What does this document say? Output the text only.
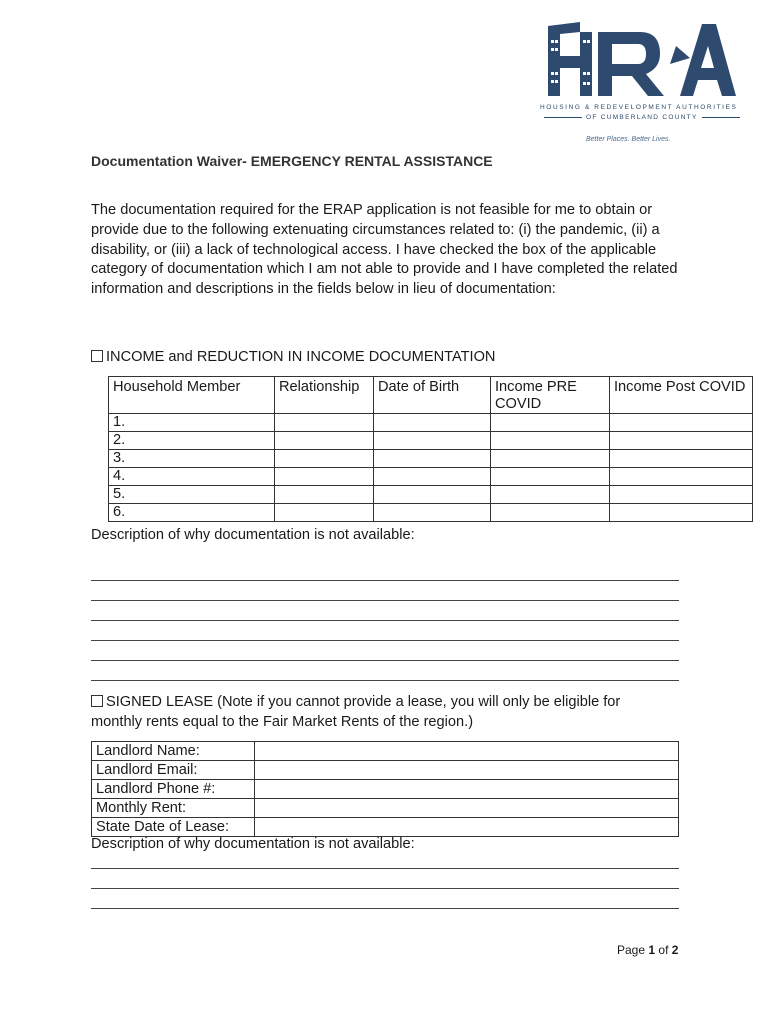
HOUSING & REDEVELOPMENT AUTHORITIES
OF CUMBERLAND COUNTY
Better Places. Better Lives.
Documentation Waiver- EMERGENCY RENTAL ASSISTANCE
The documentation required for the ERAP application is not feasible for me to obtain or provide due to the following extenuating circumstances related to: (i) the pandemic, (ii) a disability, or (iii) a lack of technological access. I have checked the box of the applicable category of documentation which I am not able to provide and I have completed the related information and descriptions in the fields below in lieu of documentation:
INCOME and REDUCTION IN INCOME DOCUMENTATION
Household Member	Relationship	Date of Birth	Income PRE COVID	Income Post COVID
1.				
2.				
3.				
4.				
5.				
6.				
Description of why documentation is not available:
SIGNED LEASE (Note if you cannot provide a lease, you will only be eligible for
monthly rents equal to the Fair Market Rents of the region.)
Landlord Name:	
Landlord Email:	
Landlord Phone #:	
Monthly Rent:	
State Date of Lease:	
Description of why documentation is not available:
Page 1 of 2
